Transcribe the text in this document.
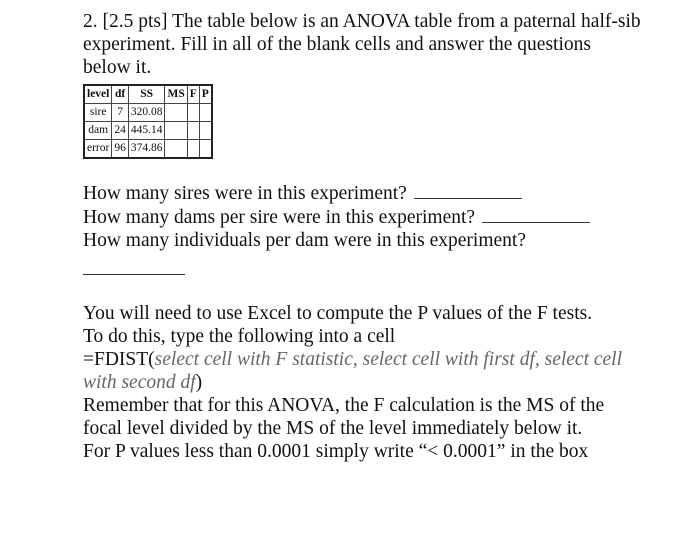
2. [2.5 pts] The table below is an ANOVA table from a paternal half-sib experiment. Fill in all of the blank cells and answer the questions below it.
level	df	SS	MS	F	P
sire	7	320.08			
dam	24	445.14			
error	96	374.86			
How many sires were in this experiment?
How many dams per sire were in this experiment?
How many individuals per dam were in this experiment?

You will need to use Excel to compute the P values of the F tests.

To do this, type the following into a cell

=FDIST(select cell with F statistic, select cell with first df, select cell with second df)

Remember that for this ANOVA, the F calculation is the MS of the focal level divided by the MS of the level immediately below it.

For P values less than 0.0001 simply write “< 0.0001” in the box
